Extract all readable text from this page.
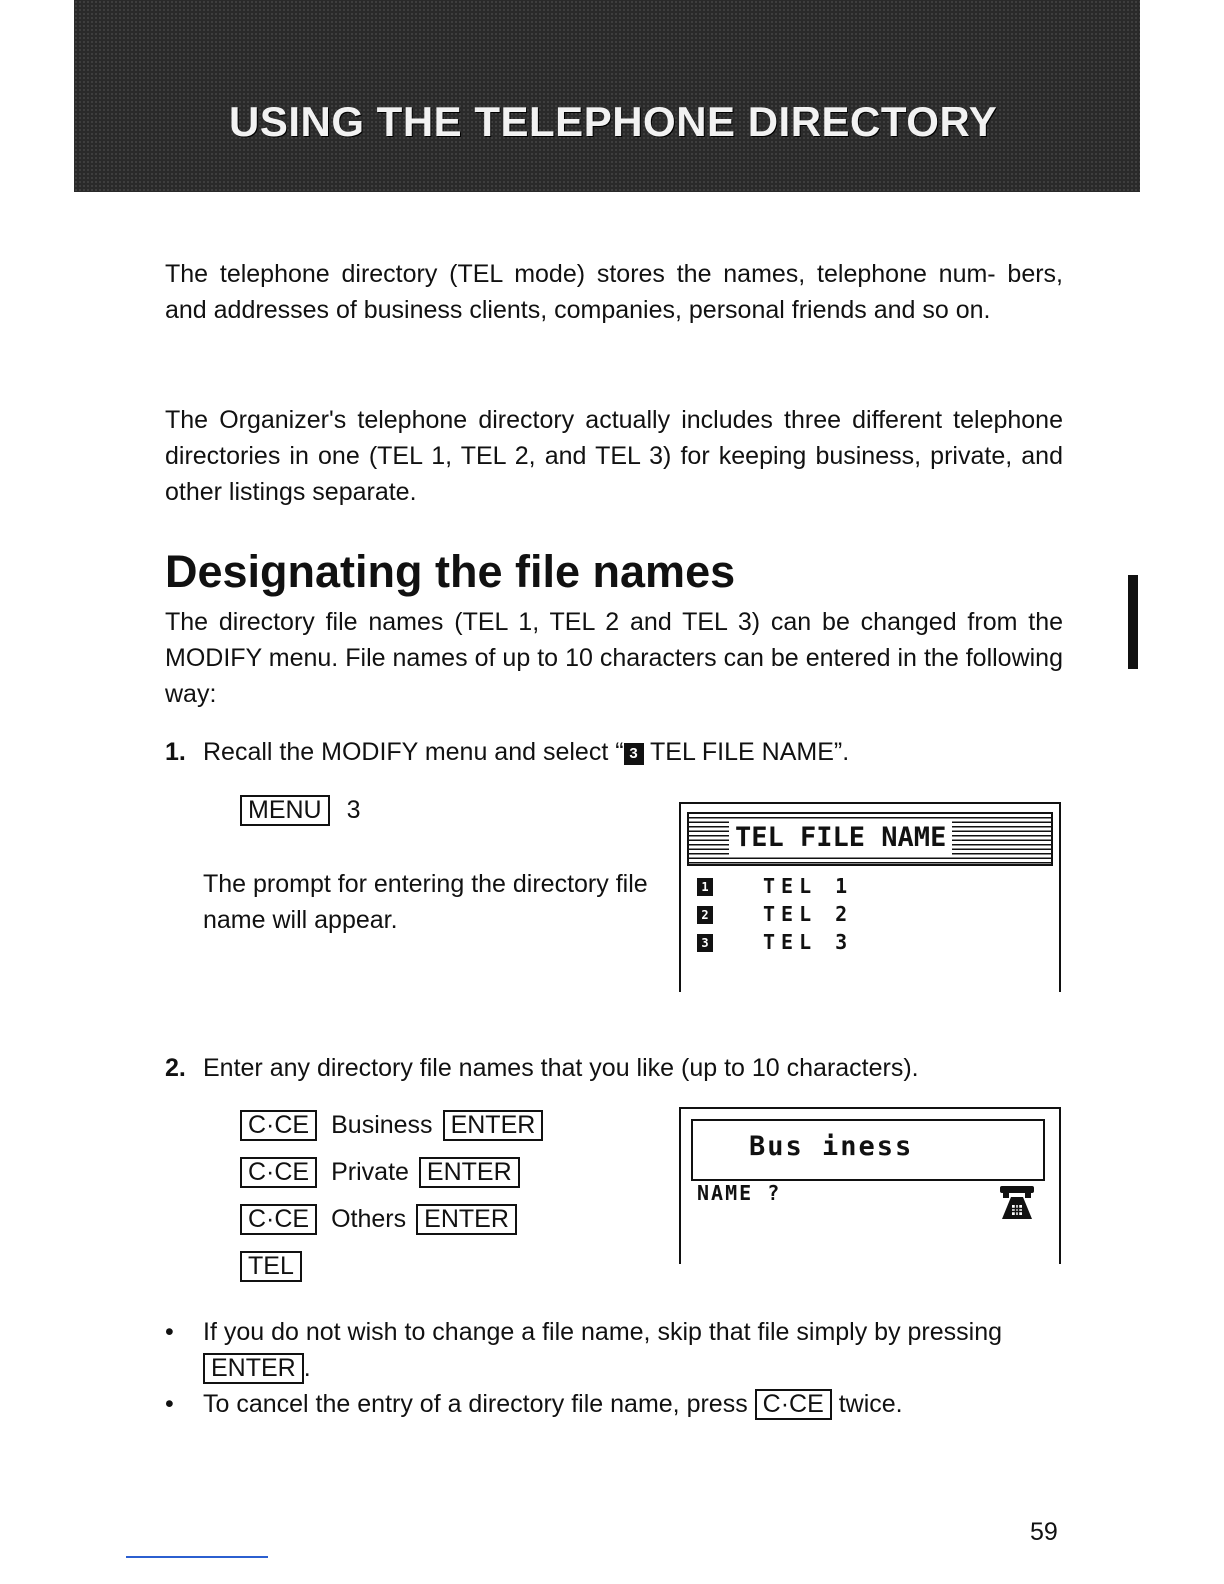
USING THE TELEPHONE DIRECTORY

The telephone directory (TEL mode) stores the names, telephone num- bers, and addresses of business clients, companies, personal friends and so on.

The Organizer's telephone directory actually includes three different telephone directories in one (TEL 1, TEL 2, and TEL 3) for keeping business, private, and other listings separate.

Designating the file names

The directory file names (TEL 1, TEL 2 and TEL 3) can be changed from the MODIFY menu. File names of up to 10 characters can be entered in the following way:

1. Recall the MODIFY menu and select “ 3 TEL FILE NAME”.
MENU 3

The prompt for entering the directory file name will appear.

TEL FILE NAME
1	TEL 1
2	TEL 2
3	TEL 3
2. Enter any directory file names that you like (up to 10 characters).
C·CE Business ENTER
C·CE Private ENTER
C·CE Others ENTER
TEL
Bus iness
NAME ?
•	If you do not wish to change a file name, skip that file simply by pressing
ENTER .
•	To cancel the entry of a directory file name, press C·CE twice.
59
